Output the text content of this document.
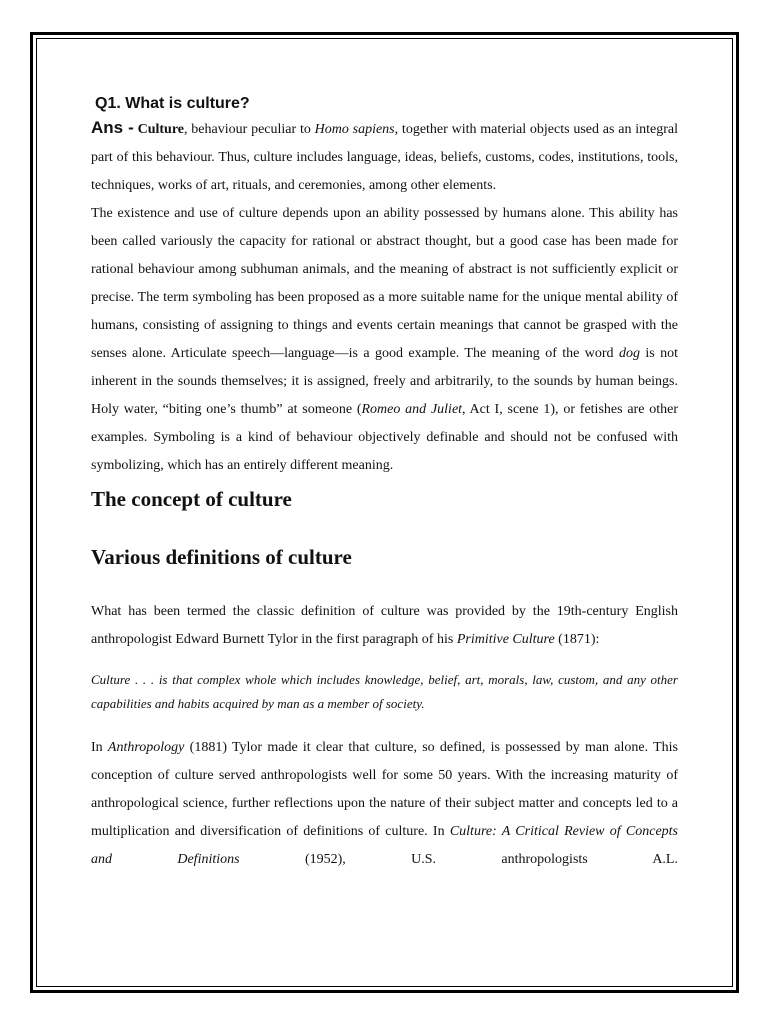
Q1. What is culture?

Ans - Culture, behaviour peculiar to Homo sapiens, together with material objects used as an integral part of this behaviour. Thus, culture includes language, ideas, beliefs, customs, codes, institutions, tools, techniques, works of art, rituals, and ceremonies, among other elements.

The existence and use of culture depends upon an ability possessed by humans alone. This ability has been called variously the capacity for rational or abstract thought, but a good case has been made for rational behaviour among subhuman animals, and the meaning of abstract is not sufficiently explicit or precise. The term symboling has been proposed as a more suitable name for the unique mental ability of humans, consisting of assigning to things and events certain meanings that cannot be grasped with the senses alone. Articulate speech—language—is a good example. The meaning of the word dog is not inherent in the sounds themselves; it is assigned, freely and arbitrarily, to the sounds by human beings. Holy water, “biting one’s thumb” at someone (Romeo and Juliet, Act I, scene 1), or fetishes are other examples. Symboling is a kind of behaviour objectively definable and should not be confused with symbolizing, which has an entirely different meaning.

The concept of culture
Various definitions of culture

What has been termed the classic definition of culture was provided by the 19th-century English anthropologist Edward Burnett Tylor in the first paragraph of his Primitive Culture (1871):

Culture . . . is that complex whole which includes knowledge, belief, art, morals, law, custom, and any other capabilities and habits acquired by man as a member of society.

In Anthropology (1881) Tylor made it clear that culture, so defined, is possessed by man alone. This conception of culture served anthropologists well for some 50 years. With the increasing maturity of anthropological science, further reflections upon the nature of their subject matter and concepts led to a multiplication and diversification of definitions of culture. In Culture: A Critical Review of Concepts and Definitions (1952), U.S. anthropologists A.L.
